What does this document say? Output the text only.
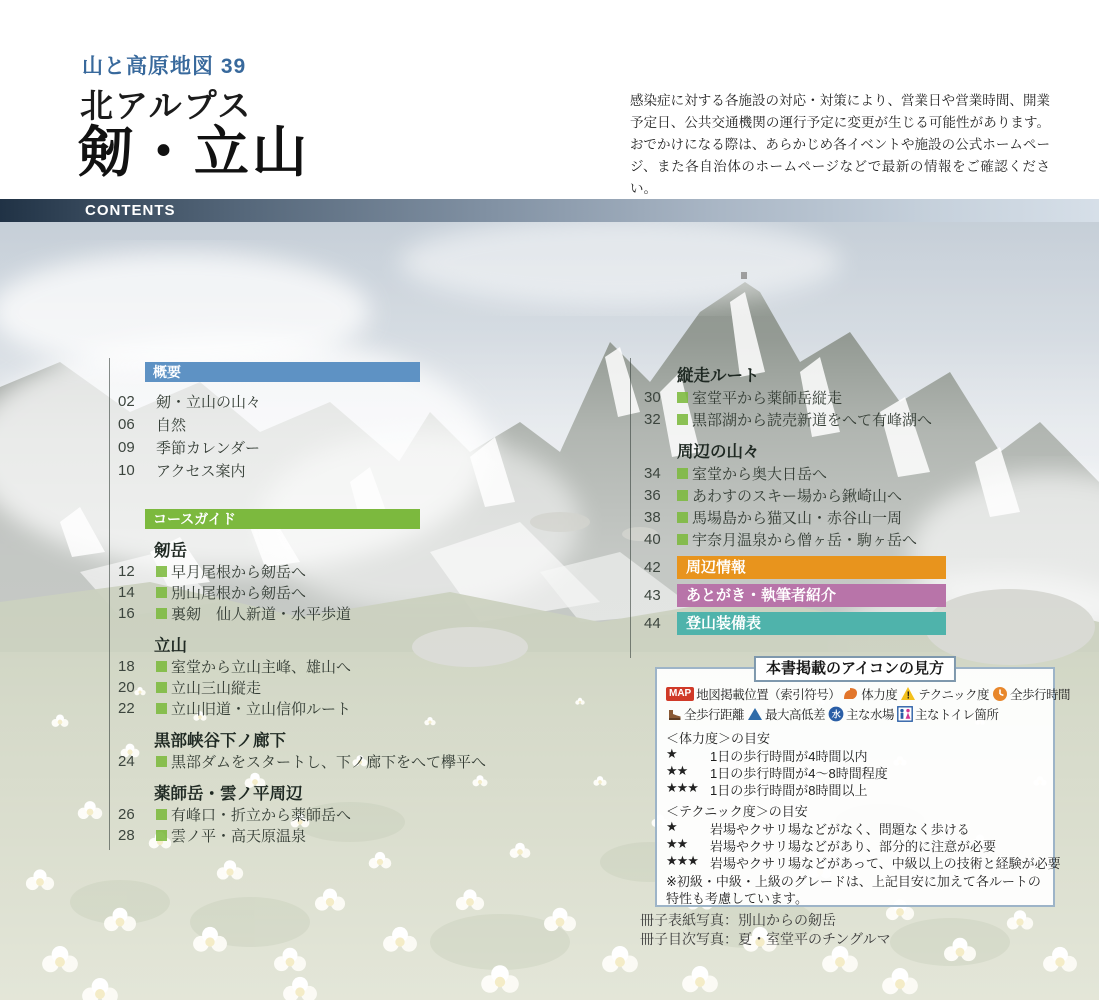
山と高原地図 39
北アルプス
剱・立山
感染症に対する各施設の対応・対策により、営業日や営業時間、開業予定日、公共交通機関の運行予定に変更が生じる可能性があります。おでかけになる際は、あらかじめ各イベントや施設の公式ホームページ、また各自治体のホームページなどで最新の情報をご確認ください。
CONTENTS
概要
02	剱・立山の山々
06	自然
09	季節カレンダー
10	アクセス案内
コースガイド
剱岳
12	早月尾根から剱岳へ
14	別山尾根から剱岳へ
16	裏剱　仙人新道・水平歩道
立山
18	室堂から立山主峰、雄山へ
20	立山三山縦走
22	立山旧道・立山信仰ルート
黒部峡谷下ノ廊下
24	黒部ダムをスタートし、下ノ廊下をへて欅平へ
薬師岳・雲ノ平周辺
26	有峰口・折立から薬師岳へ
28	雲ノ平・高天原温泉
縦走ルート
30	室堂平から薬師岳縦走
32	黒部湖から読売新道をへて有峰湖へ
周辺の山々
34	室堂から奥大日岳へ
36	あわすのスキー場から鍬崎山へ
38	馬場島から猫又山・赤谷山一周
40	宇奈月温泉から僧ヶ岳・駒ヶ岳へ
42	周辺情報
43	あとがき・執筆者紹介
44	登山装備表
本書掲載のアイコンの見方
MAP 地図掲載位置（索引符号） 体力度 ! テクニック度 全歩行時間
全歩行距離 最大高低差 水 主な水場 主なトイレ箇所
＜体力度＞の目安
★	1日の歩行時間が4時間以内
★★	1日の歩行時間が4～8時間程度
★★★ 1日の歩行時間が8時間以上
＜テクニック度＞の目安
★	岩場やクサリ場などがなく、問題なく歩ける
★★	岩場やクサリ場などがあり、部分的に注意が必要
★★★ 岩場やクサリ場などがあって、中級以上の技術と経験が必要
※初級・中級・上級のグレードは、上記目安に加えて各ルートの特性も考慮しています。
冊子表紙写真：別山からの剱岳
冊子目次写真：夏・室堂平のチングルマ
